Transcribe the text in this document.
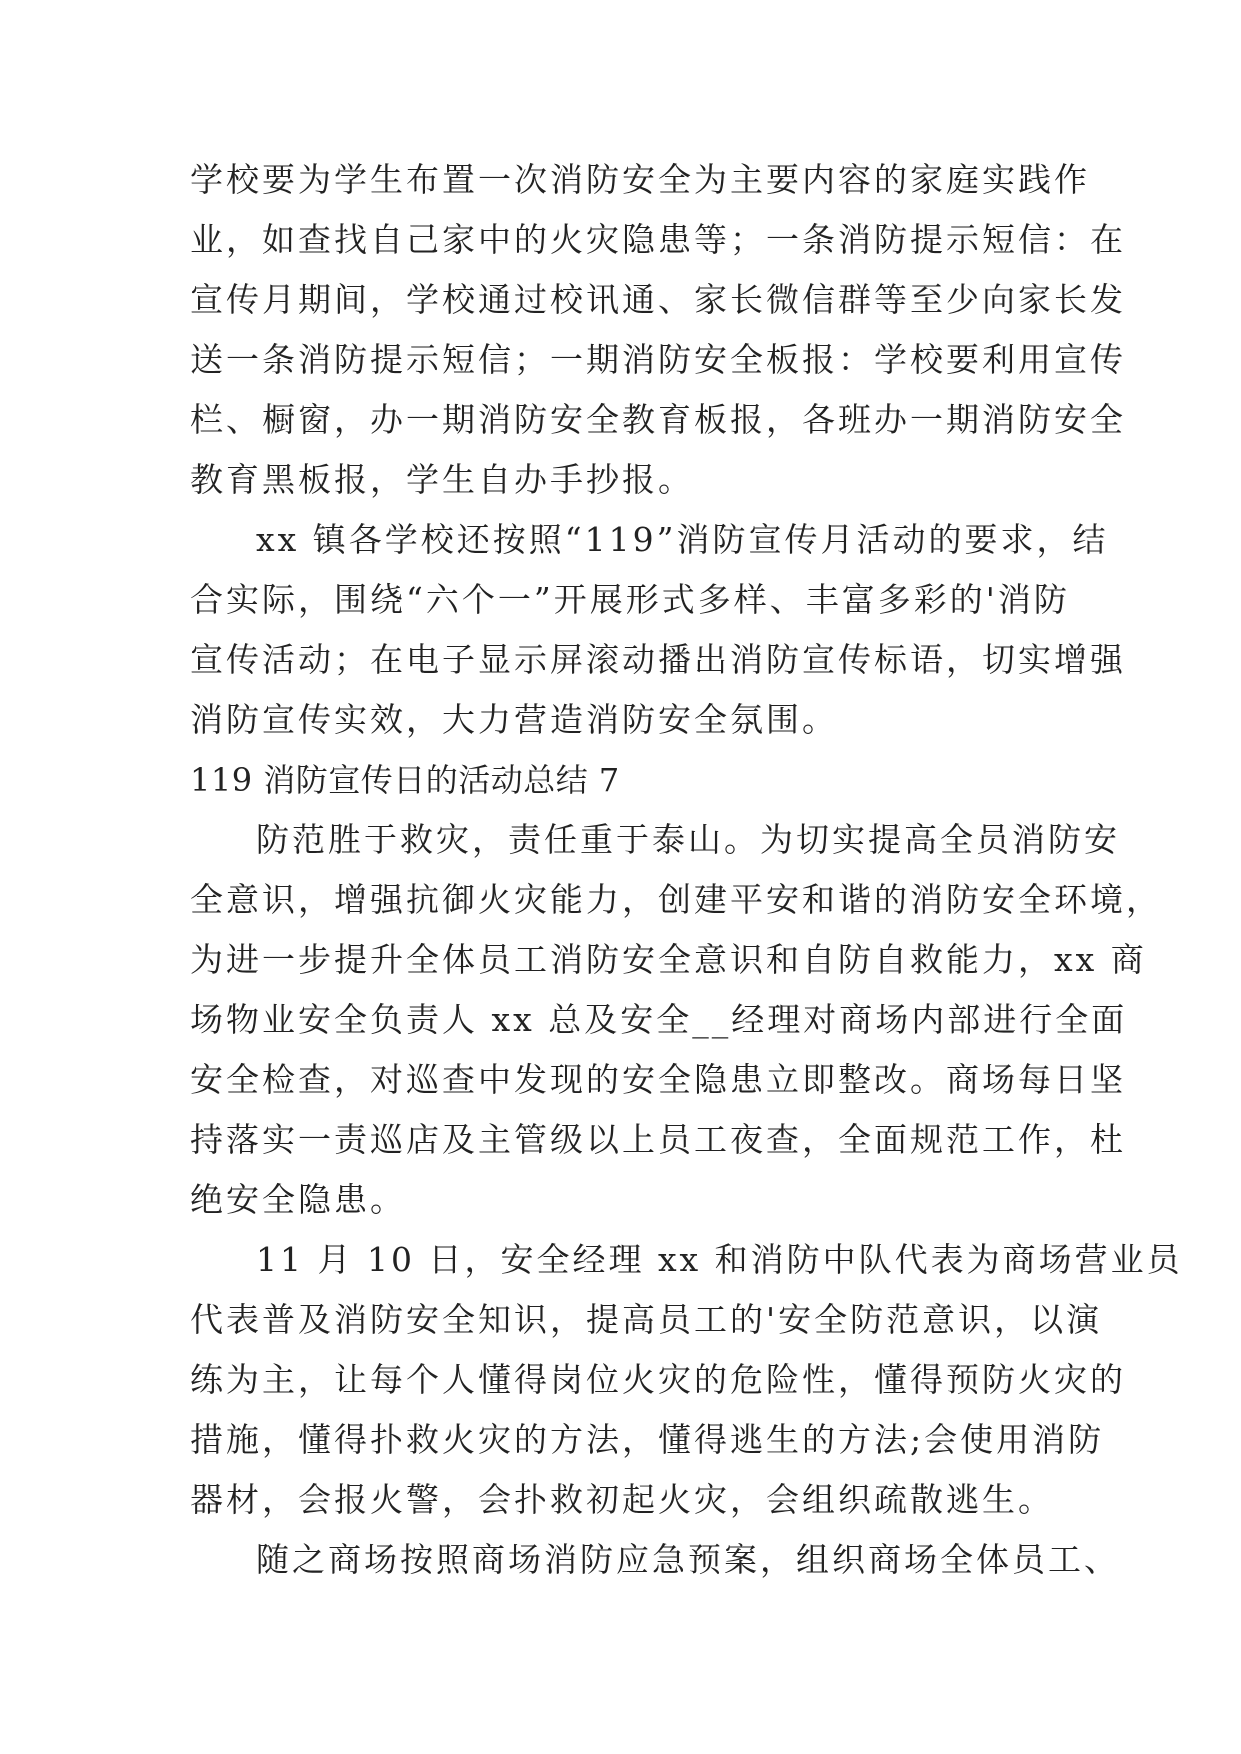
学校要为学生布置一次消防安全为主要内容的家庭实践作
业，如查找自己家中的火灾隐患等；一条消防提示短信：在
宣传月期间，学校通过校讯通、家长微信群等至少向家长发
送一条消防提示短信；一期消防安全板报：学校要利用宣传
栏、橱窗，办一期消防安全教育板报，各班办一期消防安全
教育黑板报，学生自办手抄报。
xx 镇各学校还按照“119”消防宣传月活动的要求，结
合实际，围绕“六个一”开展形式多样、丰富多彩的'消防
宣传活动；在电子显示屏滚动播出消防宣传标语，切实增强
消防宣传实效，大力营造消防安全氛围。
119 消防宣传日的活动总结 7
防范胜于救灾，责任重于泰山。为切实提高全员消防安
全意识，增强抗御火灾能力，创建平安和谐的消防安全环境，
为进一步提升全体员工消防安全意识和自防自救能力，xx 商
场物业安全负责人 xx 总及安全__经理对商场内部进行全面
安全检查，对巡查中发现的安全隐患立即整改。商场每日坚
持落实一责巡店及主管级以上员工夜查，全面规范工作，杜
绝安全隐患。
11 月 10 日，安全经理 xx 和消防中队代表为商场营业员
代表普及消防安全知识，提高员工的'安全防范意识，以演
练为主，让每个人懂得岗位火灾的危险性，懂得预防火灾的
措施，懂得扑救火灾的方法，懂得逃生的方法;会使用消防
器材，会报火警，会扑救初起火灾，会组织疏散逃生。
随之商场按照商场消防应急预案，组织商场全体员工、
